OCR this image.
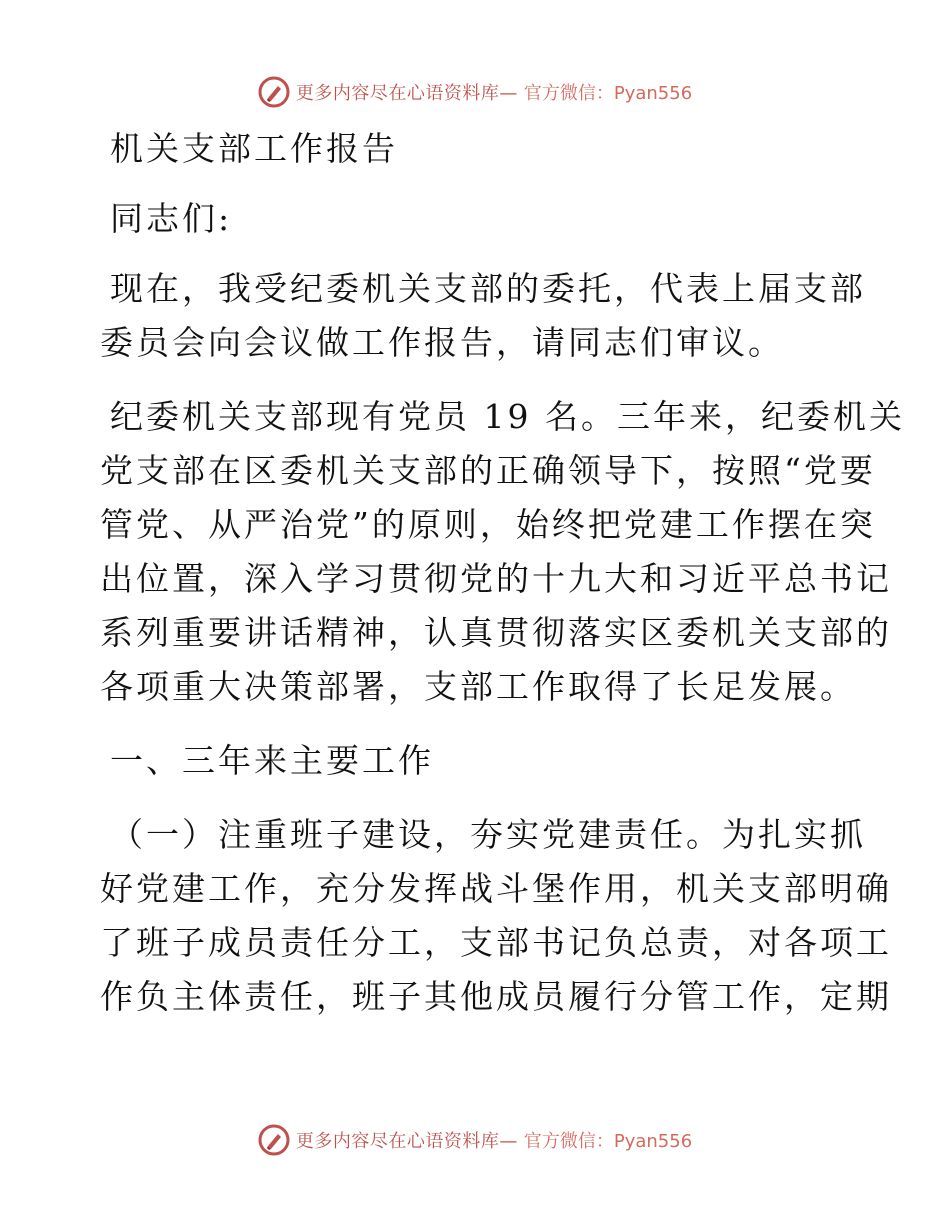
更多内容尽在心语资料库— 官方微信：Pyan556

机关支部工作报告

同志们:

现在，我受纪委机关支部的委托，代表上届支部

委员会向会议做工作报告，请同志们审议。

纪委机关支部现有党员 19 名。三年来，纪委机关

党支部在区委机关支部的正确领导下，按照“党要

管党、从严治党”的原则，始终把党建工作摆在突

出位置，深入学习贯彻党的十九大和习近平总书记

系列重要讲话精神，认真贯彻落实区委机关支部的

各项重大决策部署，支部工作取得了长足发展。

一、三年来主要工作

（一）注重班子建设，夯实党建责任。为扎实抓

好党建工作，充分发挥战斗堡作用，机关支部明确

了班子成员责任分工，支部书记负总责，对各项工

作负主体责任，班子其他成员履行分管工作，定期

更多内容尽在心语资料库— 官方微信：Pyan556
